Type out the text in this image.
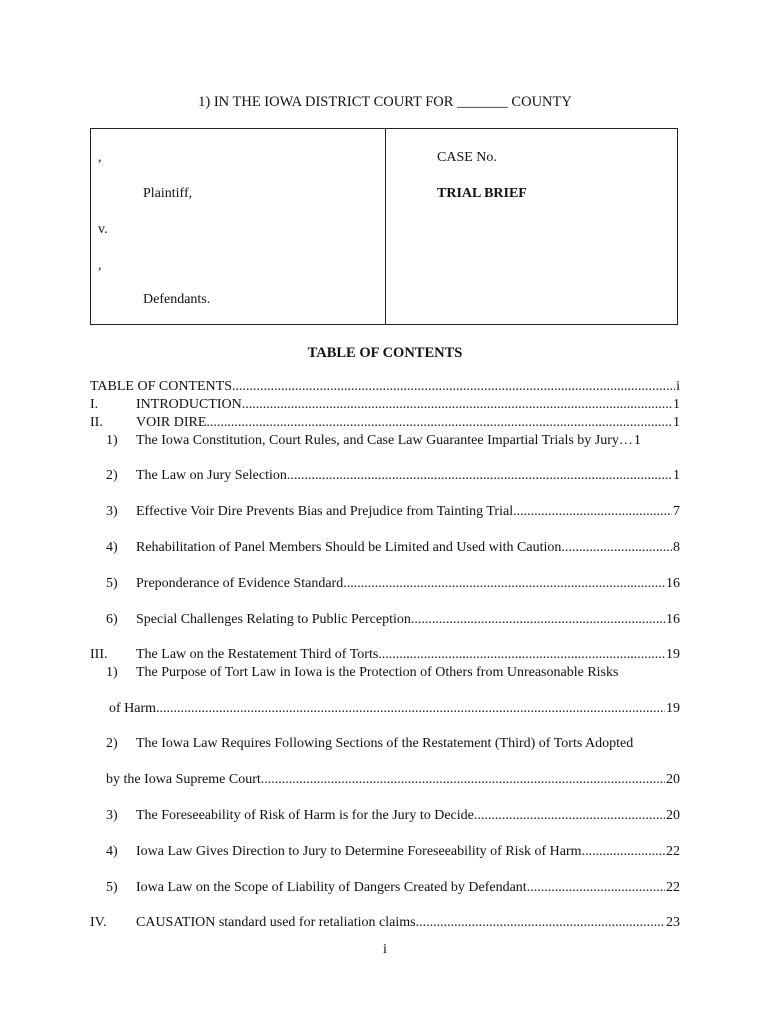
1) IN THE IOWA DISTRICT COURT FOR _______ COUNTY
,
Plaintiff,
v.
,
Defendants.
CASE No.
TRIAL BRIEF
TABLE OF CONTENTS
TABLE OF CONTENTS .....	i
I.	INTRODUCTION .....	1
II. VOIR DIRE .....	1
1) The Iowa Constitution, Court Rules, and Case Law Guarantee Impartial Trials by Jury… 1
2) The Law on Jury Selection .....	1
3) Effective Voir Dire Prevents Bias and Prejudice from Tainting Trial .....	7
4) Rehabilitation of Panel Members Should be Limited and Used with Caution .....	8
5) Preponderance of Evidence Standard .....	16
6) Special Challenges Relating to Public Perception .....	16
III. The Law on the Restatement Third of Torts .....	19
1) The Purpose of Tort Law in Iowa is the Protection of Others from Unreasonable Risks
of Harm .....	19
2) The Iowa Law Requires Following Sections of the Restatement (Third) of Torts Adopted
by the Iowa Supreme Court .....	20
3) The Foreseeability of Risk of Harm is for the Jury to Decide .....	20
4) Iowa Law Gives Direction to Jury to Determine Foreseeability of Risk of Harm .....	22
5) Iowa Law on the Scope of Liability of Dangers Created by Defendant. .....	22
IV. CAUSATION standard used for retaliation claims .....	23
i
